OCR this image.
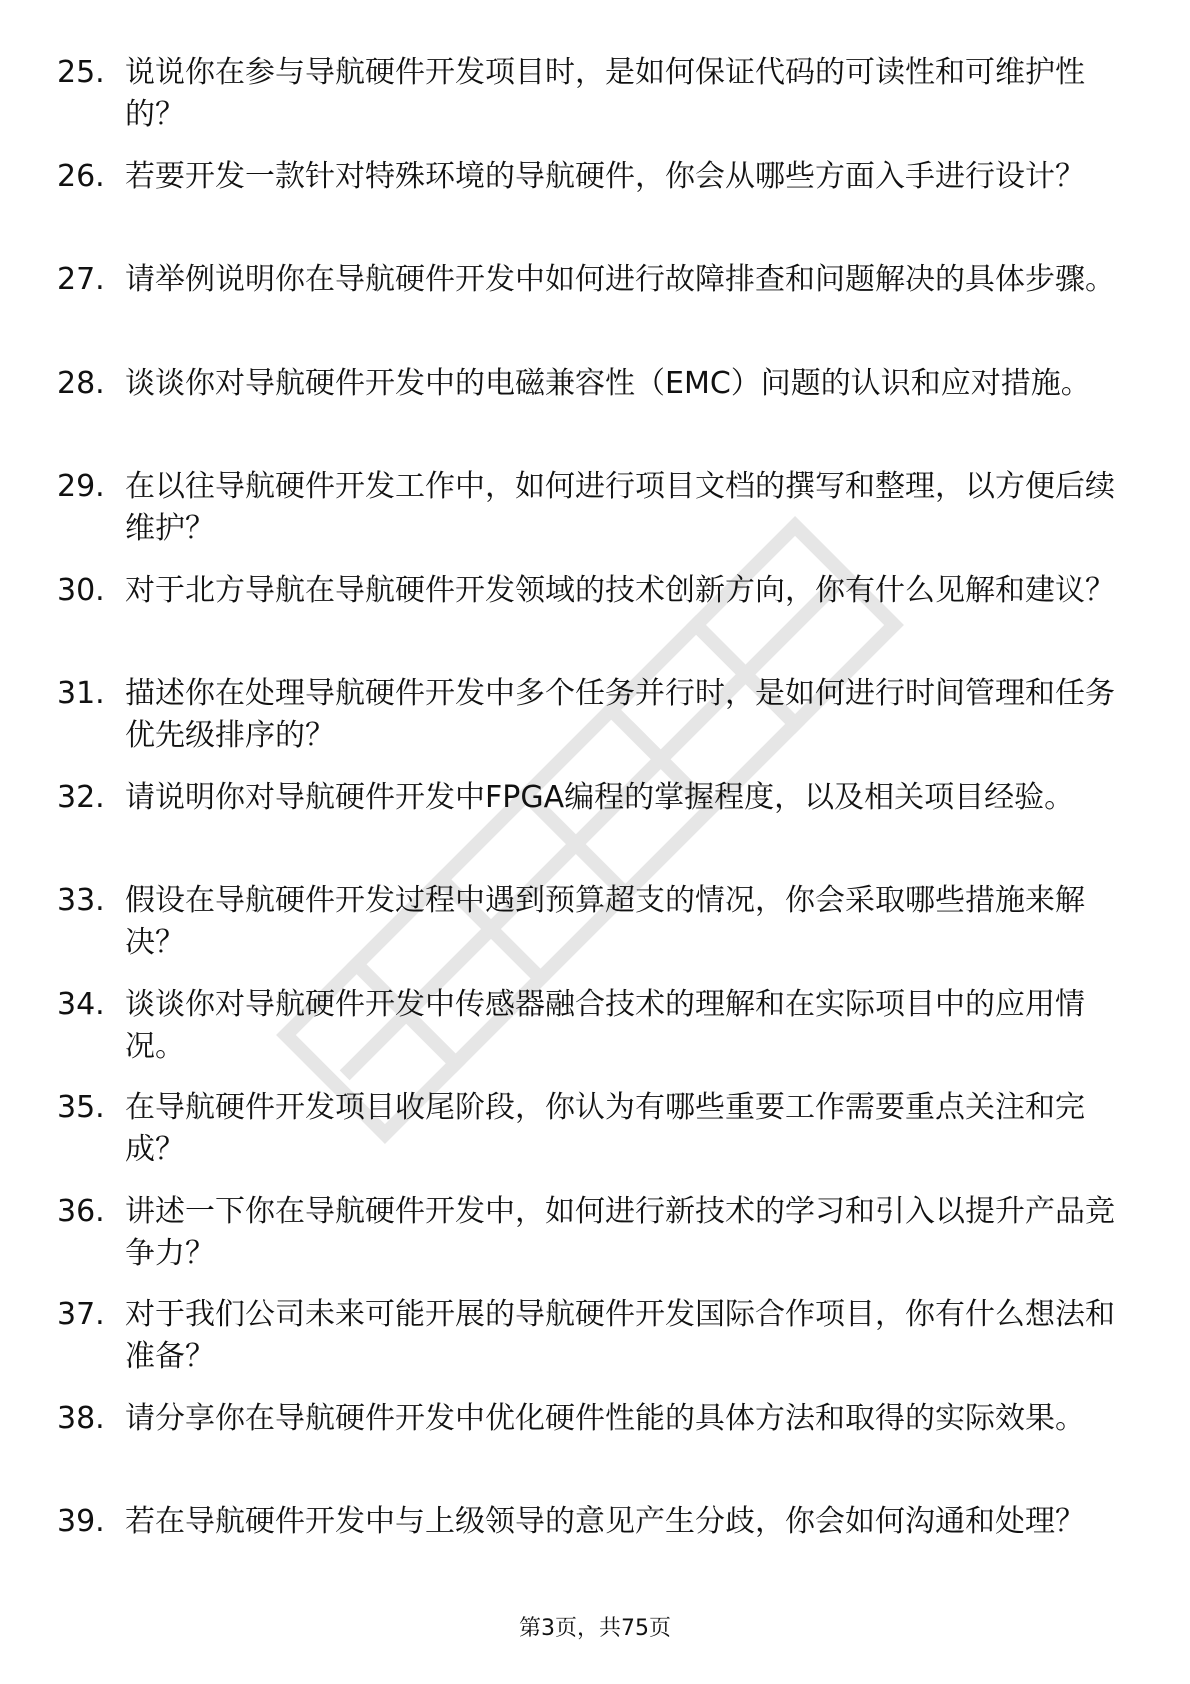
25. 说说你在参与导航硬件开发项目时，是如何保证代码的可读性和可维护性的？
26. 若要开发一款针对特殊环境的导航硬件，你会从哪些方面入手进行设计？
27. 请举例说明你在导航硬件开发中如何进行故障排查和问题解决的具体步骤。
28. 谈谈你对导航硬件开发中的电磁兼容性（EMC）问题的认识和应对措施。
29. 在以往导航硬件开发工作中，如何进行项目文档的撰写和整理，以方便后续维护？
30. 对于北方导航在导航硬件开发领域的技术创新方向，你有什么见解和建议？
31. 描述你在处理导航硬件开发中多个任务并行时，是如何进行时间管理和任务优先级排序的？
32. 请说明你对导航硬件开发中FPGA编程的掌握程度，以及相关项目经验。
33. 假设在导航硬件开发过程中遇到预算超支的情况，你会采取哪些措施来解决？
34. 谈谈你对导航硬件开发中传感器融合技术的理解和在实际项目中的应用情况。
35. 在导航硬件开发项目收尾阶段，你认为有哪些重要工作需要重点关注和完成？
36. 讲述一下你在导航硬件开发中，如何进行新技术的学习和引入以提升产品竞争力？
37. 对于我们公司未来可能开展的导航硬件开发国际合作项目，你有什么想法和准备？
38. 请分享你在导航硬件开发中优化硬件性能的具体方法和取得的实际效果。
39. 若在导航硬件开发中与上级领导的意见产生分歧，你会如何沟通和处理？
第3页，共75页
